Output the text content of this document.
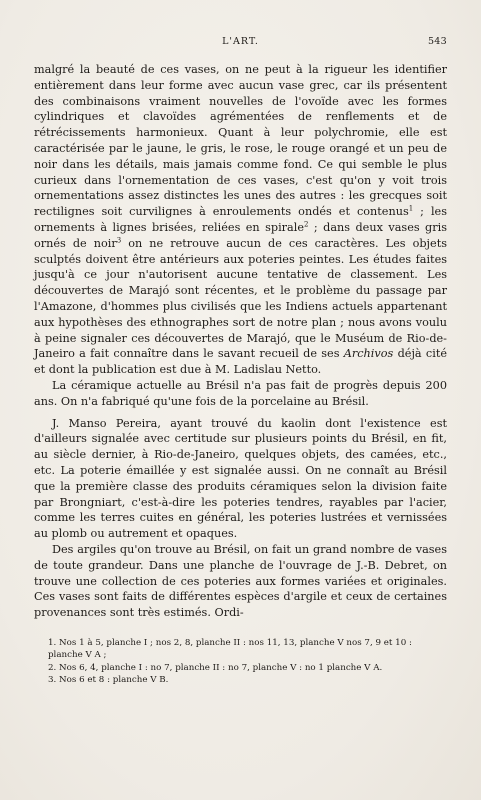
L'ART.	543

malgré la beauté de ces vases, on ne peut à la rigueur les identifier entièrement dans leur forme avec aucun vase grec, car ils présentent des combinaisons vraiment nouvelles de l'ovoïde avec les formes cylindriques et clavoïdes agrémentées de renflements et de rétrécissements harmonieux. Quant à leur polychromie, elle est caractérisée par le jaune, le gris, le rose, le rouge orangé et un peu de noir dans les détails, mais jamais comme fond. Ce qui semble le plus curieux dans l'ornementation de ces vases, c'est qu'on y voit trois ornementations assez distinctes les unes des autres : les grecques soit rectilignes soit curvilignes à enroulements ondés et contenus$^1$ ; les ornements à lignes brisées, reliées en spirale$^2$ ; dans deux vases gris ornés de noir$^3$ on ne retrouve aucun de ces caractères. Les objets sculptés doivent être antérieurs aux poteries peintes. Les études faites jusqu'à ce jour n'autorisent aucune tentative de classement. Les découvertes de Marajó sont récentes, et le problème du passage par l'Amazone, d'hommes plus civilisés que les Indiens actuels appartenant aux hypothèses des ethnographes sort de notre plan ; nous avons voulu à peine signaler ces découvertes de Marajó, que le Muséum de Rio-de-Janeiro a fait connaître dans le savant recueil de ses Archivos déjà cité et dont la publication est due à M. Ladislau Netto.

La céramique actuelle au Brésil n'a pas fait de progrès depuis 200 ans. On n'a fabriqué qu'une fois de la porcelaine au Brésil.

J. Manso Pereira, ayant trouvé du kaolin dont l'existence est d'ailleurs signalée avec certitude sur plusieurs points du Brésil, en fit, au siècle dernier, à Rio-de-Janeiro, quelques objets, des camées, etc., etc. La poterie émaillée y est signalée aussi. On ne connaît au Brésil que la première classe des produits céramiques selon la division faite par Brongniart, c'est-à-dire les poteries tendres, rayables par l'acier, comme les terres cuites en général, les poteries lustrées et vernissées au plomb ou autrement et opaques.

Des argiles qu'on trouve au Brésil, on fait un grand nombre de vases de toute grandeur. Dans une planche de l'ouvrage de J.-B. Debret, on trouve une collection de ces poteries aux formes variées et originales. Ces vases sont faits de différentes espèces d'argile et ceux de certaines provenances sont très estimés. Ordi-

1. Nos 1 à 5, planche I ; nos 2, 8, planche II : nos 11, 13, planche V nos 7, 9 et 10 : planche V A ;

2. Nos 6, 4, planche I : no 7, planche II : no 7, planche V : no 1 planche V A.

3. Nos 6 et 8 : planche V B.
